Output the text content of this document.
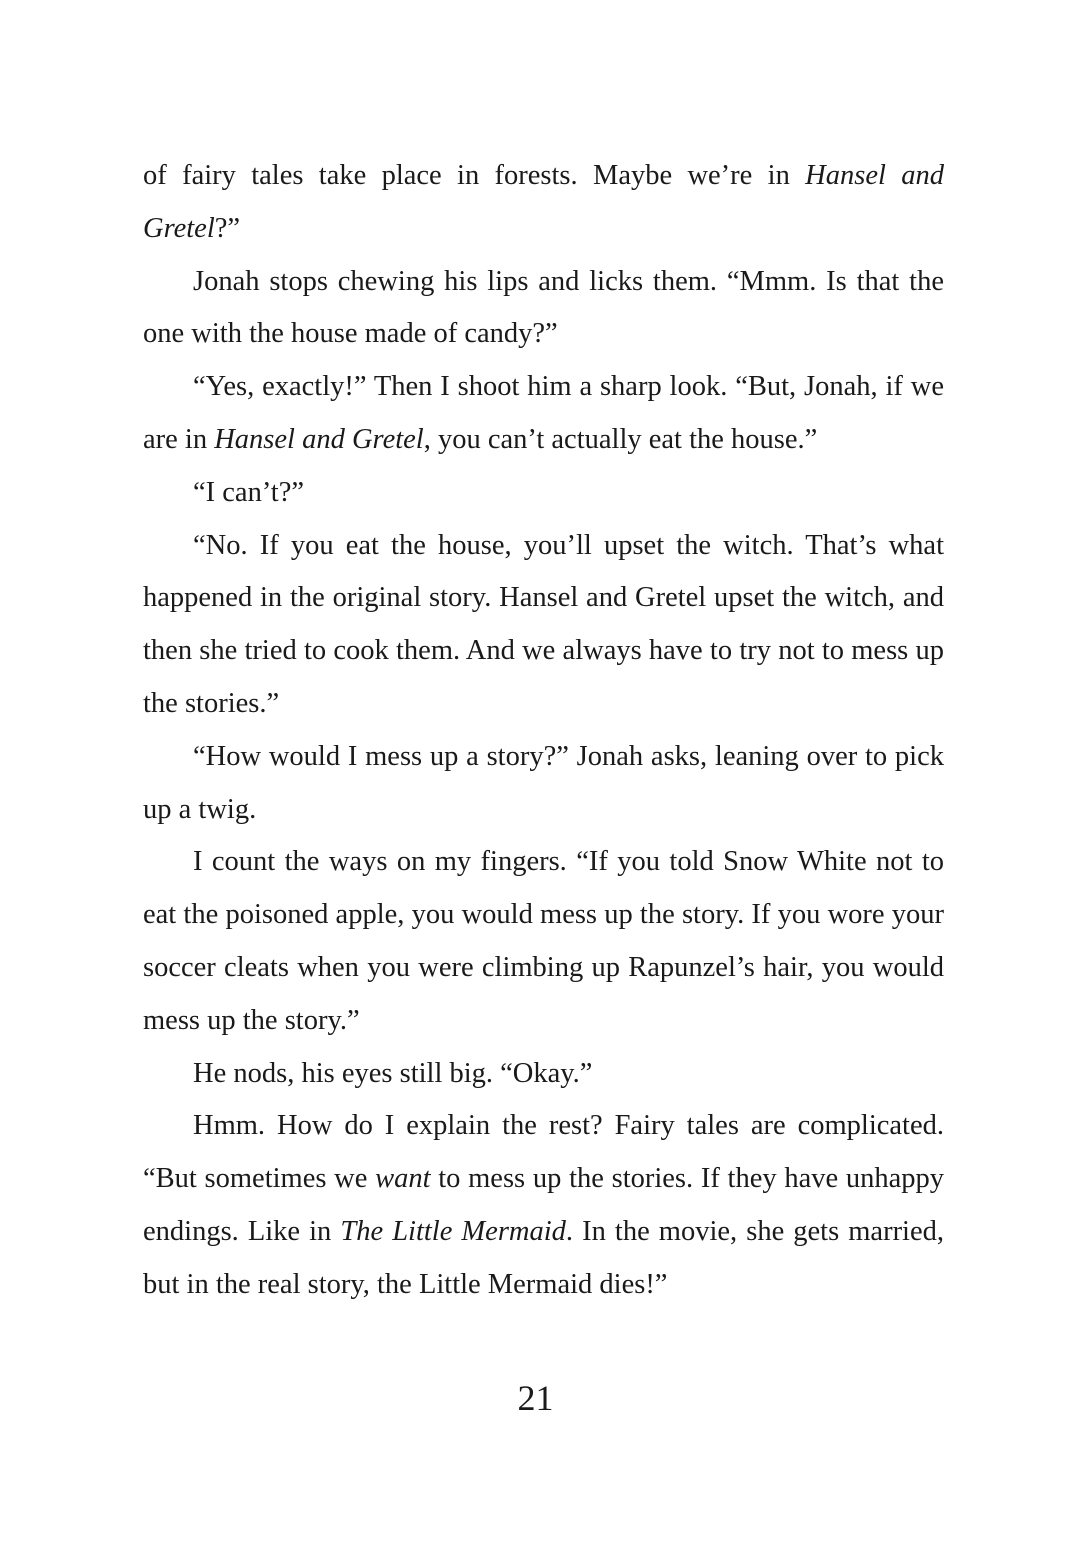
of fairy tales take place in forests. Maybe we’re in Hansel and Gretel?”

Jonah stops chewing his lips and licks them. “Mmm. Is that the one with the house made of candy?”

“Yes, exactly!” Then I shoot him a sharp look. “But, Jonah, if we are in Hansel and Gretel, you can’t actually eat the house.”

“I can’t?”

“No. If you eat the house, you’ll upset the witch. That’s what happened in the original story. Hansel and Gretel upset the witch, and then she tried to cook them. And we always have to try not to mess up the stories.”

“How would I mess up a story?” Jonah asks, leaning over to pick up a twig.

I count the ways on my fingers. “If you told Snow White not to eat the poisoned apple, you would mess up the story. If you wore your soccer cleats when you were climbing up Rapunzel’s hair, you would mess up the story.”

He nods, his eyes still big. “Okay.”

Hmm. How do I explain the rest? Fairy tales are complicated. “But sometimes we want to mess up the stories. If they have unhappy endings. Like in The Little Mermaid. In the movie, she gets married, but in the real story, the Little Mermaid dies!”

21
